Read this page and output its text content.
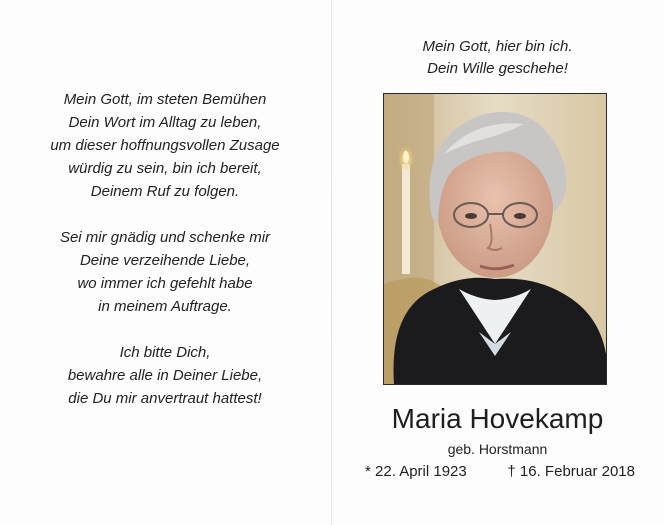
Mein Gott, im steten Bemühen
Dein Wort im Alltag zu leben,
um dieser hoffnungsvollen Zusage
würdig zu sein, bin ich bereit,
Deinem Ruf zu folgen.
Sei mir gnädig und schenke mir
Deine verzeihende Liebe,
wo immer ich gefehlt habe
in meinem Auftrage.
Ich bitte Dich,
bewahre alle in Deiner Liebe,
die Du mir anvertraut hattest!
Mein Gott, hier bin ich.
Dein Wille geschehe!
Maria Hovekamp
geb. Horstmann
* 22. April 1923	† 16. Februar 2018
